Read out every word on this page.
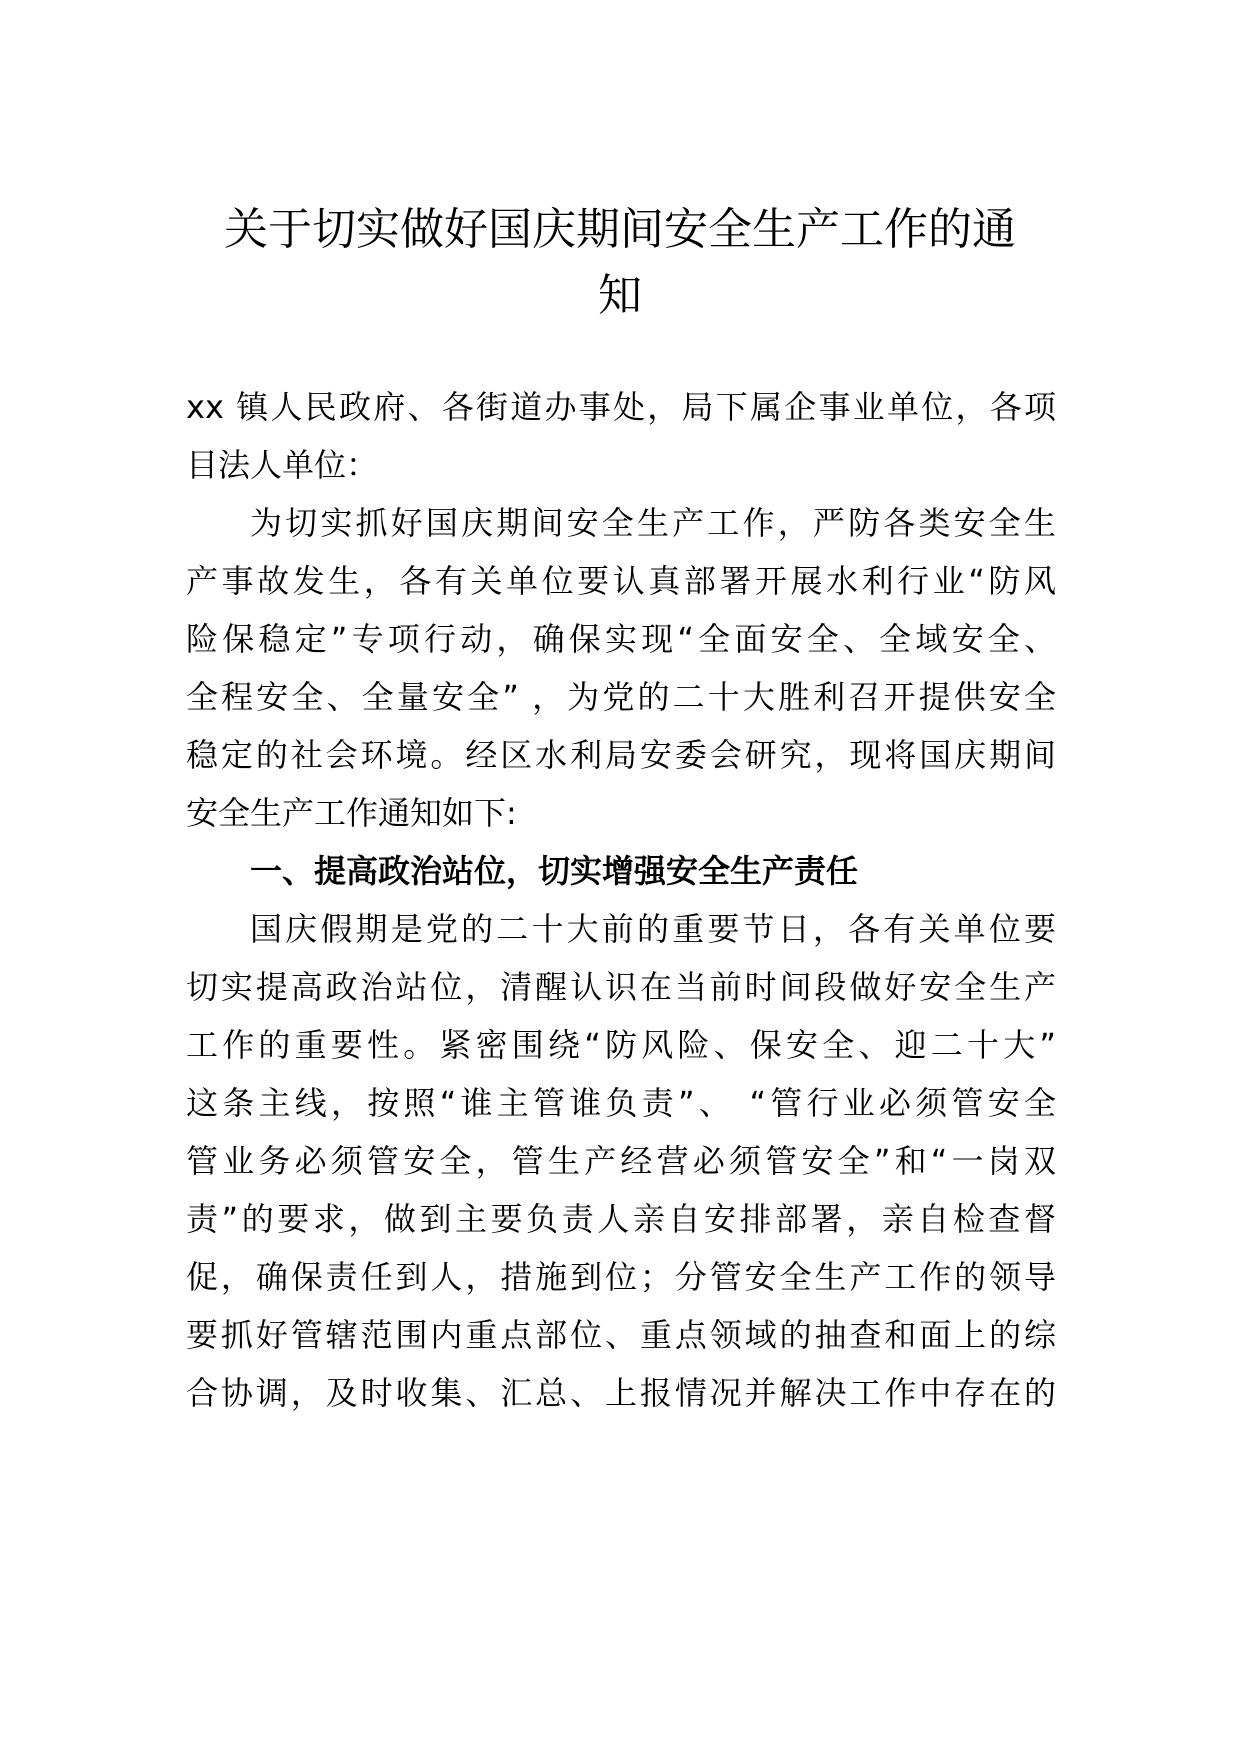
关于切实做好国庆期间安全生产工作的通
知
xx 镇人民政府、各街道办事处，局下属企事业单位，各项
目法人单位：
为切实抓好国庆期间安全生产工作，严防各类安全生
产事故发生，各有关单位要认真部署开展水利行业“防风
险保稳定”专项行动，确保实现“全面安全、全域安全、
全程安全、全量安全” ，为党的二十大胜利召开提供安全
稳定的社会环境。经区水利局安委会研究，现将国庆期间
安全生产工作通知如下:
一、提高政治站位，切实增强安全生产责任
国庆假期是党的二十大前的重要节日，各有关单位要
切实提高政治站位，清醒认识在当前时间段做好安全生产
工作的重要性。紧密围绕“防风险、保安全、迎二十大”
这条主线，按照“谁主管谁负责”、 “管行业必须管安全
管业务必须管安全，管生产经营必须管安全”和“一岗双
责”的要求，做到主要负责人亲自安排部署，亲自检查督
促，确保责任到人，措施到位；分管安全生产工作的领导
要抓好管辖范围内重点部位、重点领域的抽查和面上的综
合协调，及时收集、汇总、上报情况并解决工作中存在的
